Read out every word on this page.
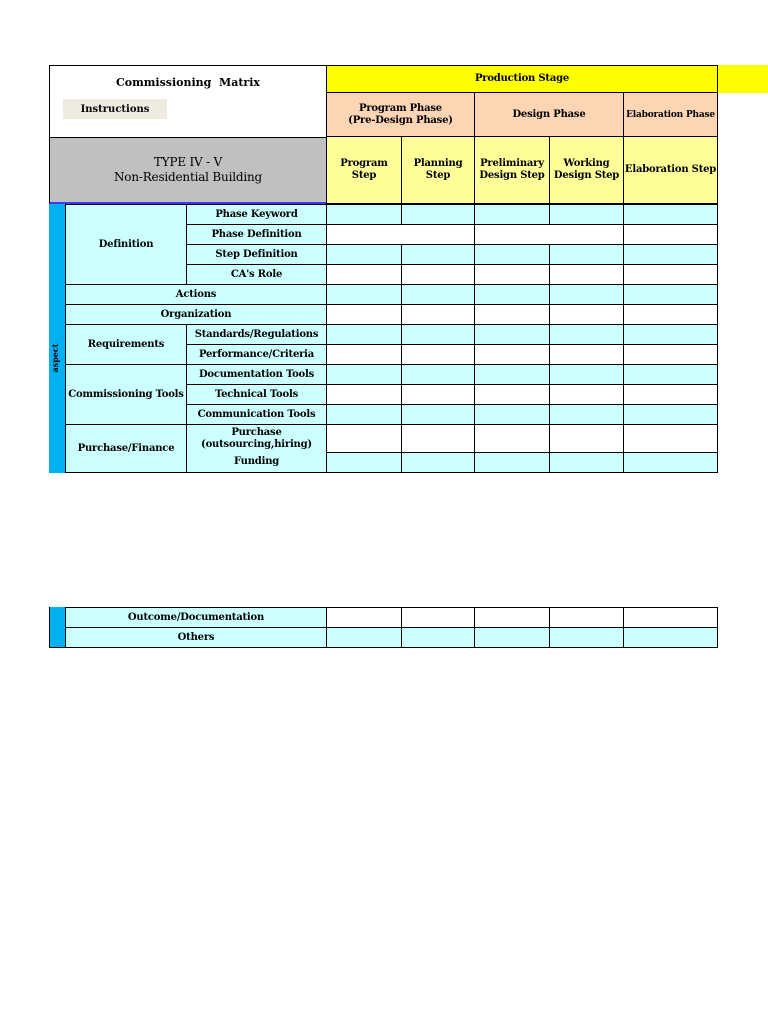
Commissioning  Matrix
Instructions
TYPE IV - V
Non-Residential Building
Production Stage
Program Phase
(Pre-Design Phase)
Design Phase	Elaboration Phase
Program Step
Planning Step
Preliminary
Design Step
Working
Design Step
Elaboration Step
aspect
Definition
Phase Keyword
Phase Definition
Step Definition
CA's Role
Actions
Organization
Requirements
Standards/Regulations
Performance/Criteria
Commissioning Tools
Documentation Tools
Technical Tools
Communication Tools
Purchase/Finance
Purchase
(outsourcing,hiring)
Funding
Outcome/Documentation
Others
